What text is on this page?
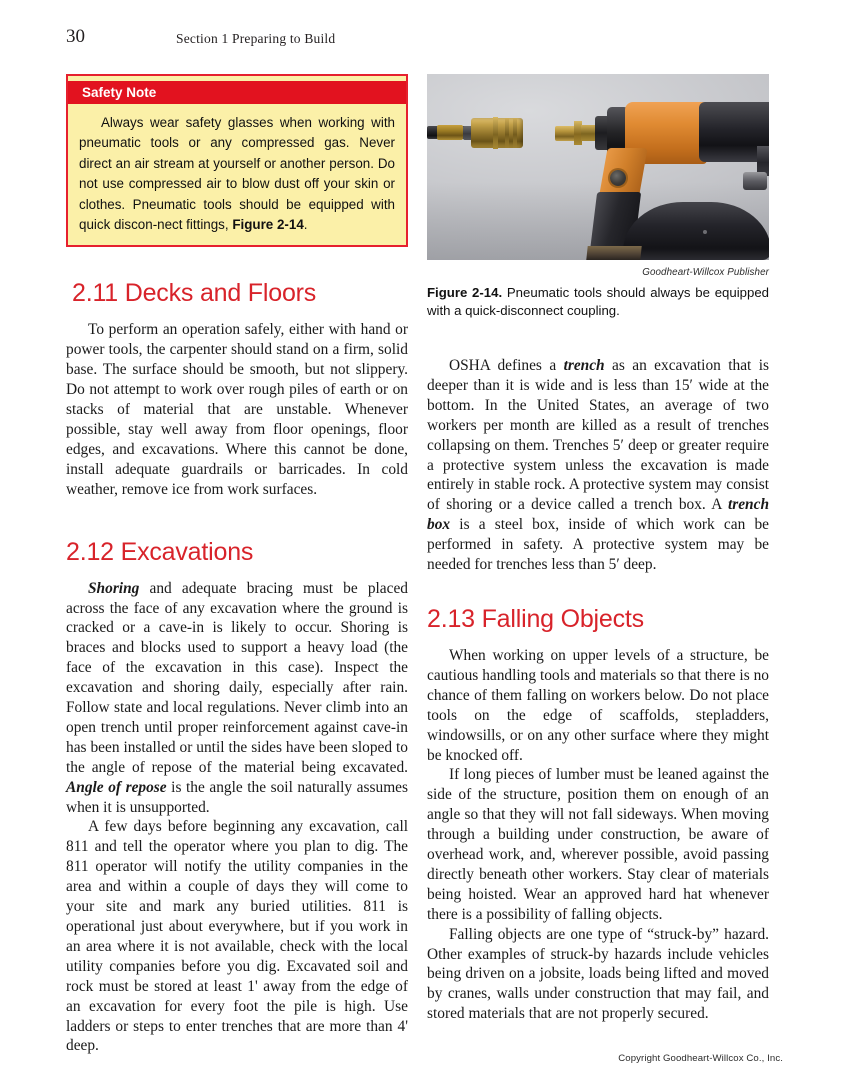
30	Section 1 Preparing to Build
Safety Note
Always wear safety glasses when working with pneumatic tools or any compressed gas. Never direct an air stream at yourself or another person. Do not use compressed air to blow dust off your skin or clothes. Pneumatic tools should be equipped with quick discon-nect fittings, Figure 2-14.
2.11 Decks and Floors

To perform an operation safely, either with hand or power tools, the carpenter should stand on a firm, solid base. The surface should be smooth, but not slippery. Do not attempt to work over rough piles of earth or on stacks of material that are unstable. Whenever possible, stay well away from floor openings, floor edges, and excavations. Where this cannot be done, install adequate guardrails or barricades. In cold weather, remove ice from work surfaces.

2.12 Excavations

Shoring and adequate bracing must be placed across the face of any excavation where the ground is cracked or a cave-in is likely to occur. Shoring is braces and blocks used to support a heavy load (the face of the excavation in this case). Inspect the excavation and shoring daily, especially after rain. Follow state and local regulations. Never climb into an open trench until proper reinforcement against cave-in has been installed or until the sides have been sloped to the angle of repose of the material being excavated. Angle of repose is the angle the soil naturally assumes when it is unsupported.

A few days before beginning any excavation, call 811 and tell the operator where you plan to dig. The 811 operator will notify the utility companies in the area and within a couple of days they will come to your site and mark any buried utilities. 811 is operational just about everywhere, but if you work in an area where it is not available, check with the local utility companies before you dig. Excavated soil and rock must be stored at least 1' away from the edge of an excavation for every foot the pile is high. Use ladders or steps to enter trenches that are more than 4' deep.

Goodheart-Willcox Publisher
Figure 2-14. Pneumatic tools should always be equipped with a quick-disconnect coupling.

OSHA defines a trench as an excavation that is deeper than it is wide and is less than 15′ wide at the bottom. In the United States, an average of two workers per month are killed as a result of trenches collapsing on them. Trenches 5′ deep or greater require a protective system unless the excavation is made entirely in stable rock. A protective system may consist of shoring or a device called a trench box. A trench box is a steel box, inside of which work can be performed in safety. A protective system may be needed for trenches less than 5′ deep.

2.13 Falling Objects

When working on upper levels of a structure, be cautious handling tools and materials so that there is no chance of them falling on workers below. Do not place tools on the edge of scaffolds, stepladders, windowsills, or on any other surface where they might be knocked off.

If long pieces of lumber must be leaned against the side of the structure, position them on enough of an angle so that they will not fall sideways. When moving through a building under construction, be aware of overhead work, and, wherever possible, avoid passing directly beneath other workers. Stay clear of materials being hoisted. Wear an approved hard hat whenever there is a possibility of falling objects.

Falling objects are one type of “struck-by” hazard. Other examples of struck-by hazards include vehicles being driven on a jobsite, loads being lifted and moved by cranes, walls under construction that may fail, and stored materials that are not properly secured.

Copyright Goodheart-Willcox Co., Inc.
